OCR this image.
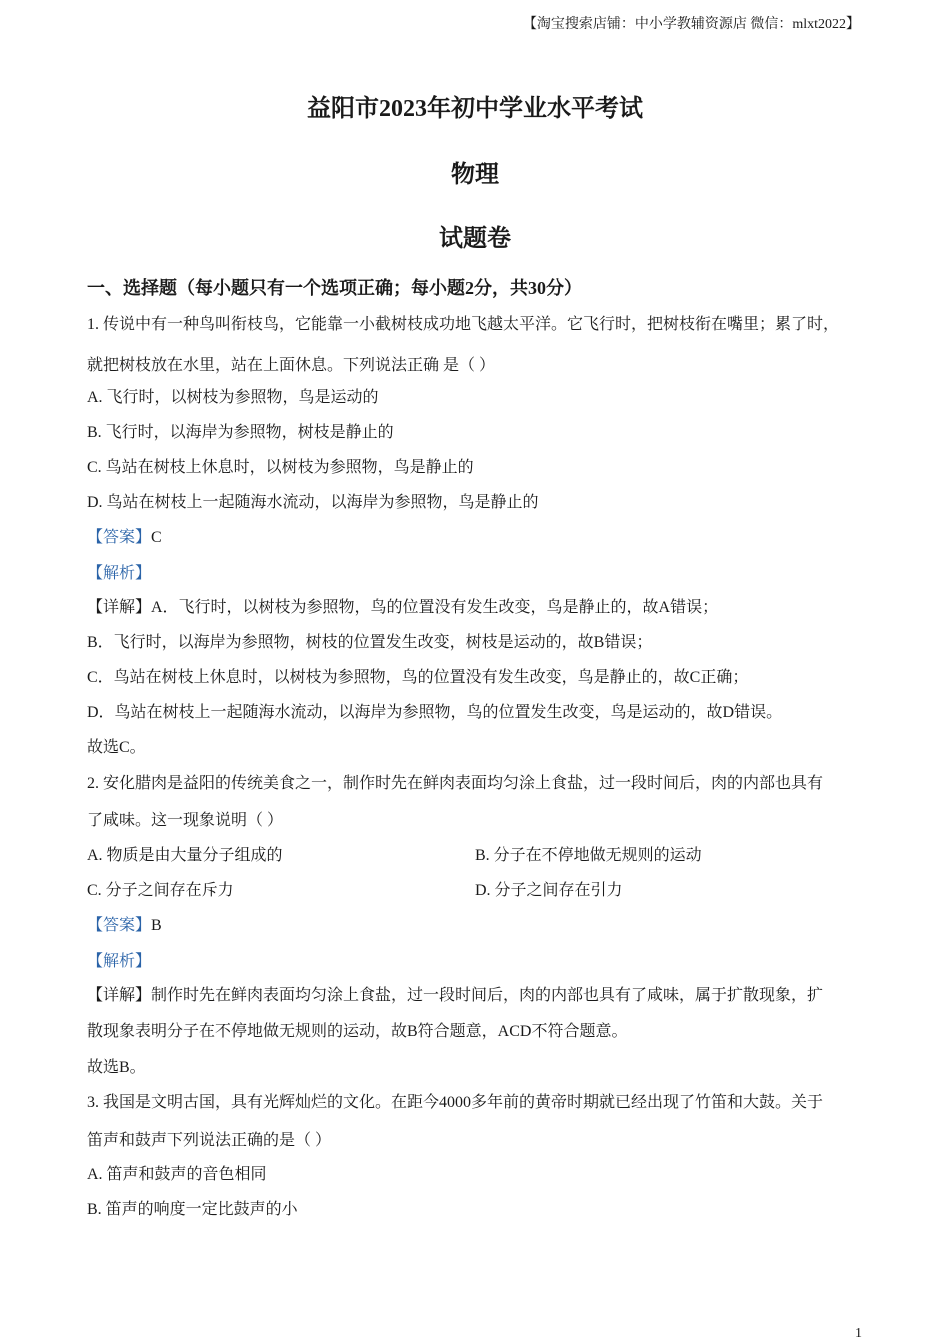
【淘宝搜索店铺：中小学教辅资源店 微信：mlxt2022】
益阳市2023年初中学业水平考试
物理
试题卷
一、选择题（每小题只有一个选项正确；每小题2分，共30分）
1. 传说中有一种鸟叫衔枝鸟，它能靠一小截树枝成功地飞越太平洋。它飞行时，把树枝衔在嘴里；累了时，
就把树枝放在水里，站在上面休息。下列说法正确 是（ ）
A. 飞行时，以树枝为参照物，鸟是运动的
B. 飞行时，以海岸为参照物，树枝是静止的
C. 鸟站在树枝上休息时，以树枝为参照物，鸟是静止的
D. 鸟站在树枝上一起随海水流动，以海岸为参照物，鸟是静止的
【答案】C
【解析】
【详解】A．飞行时，以树枝为参照物，鸟的位置没有发生改变，鸟是静止的，故A错误；
B．飞行时，以海岸为参照物，树枝的位置发生改变，树枝是运动的，故B错误；
C．鸟站在树枝上休息时，以树枝为参照物，鸟的位置没有发生改变，鸟是静止的，故C正确；
D．鸟站在树枝上一起随海水流动，以海岸为参照物，鸟的位置发生改变，鸟是运动的，故D错误。
故选C。
2. 安化腊肉是益阳的传统美食之一，制作时先在鲜肉表面均匀涂上食盐，过一段时间后，肉的内部也具有
了咸味。这一现象说明（ ）
A. 物质是由大量分子组成的	B. 分子在不停地做无规则的运动
C. 分子之间存在斥力	D. 分子之间存在引力
【答案】B
【解析】
【详解】制作时先在鲜肉表面均匀涂上食盐，过一段时间后，肉的内部也具有了咸味，属于扩散现象，扩
散现象表明分子在不停地做无规则的运动，故B符合题意，ACD不符合题意。
故选B。
3. 我国是文明古国，具有光辉灿烂的文化。在距今4000多年前的黄帝时期就已经出现了竹笛和大鼓。关于
笛声和鼓声下列说法正确的是（ ）
A. 笛声和鼓声的音色相同
B. 笛声的响度一定比鼓声的小
1
